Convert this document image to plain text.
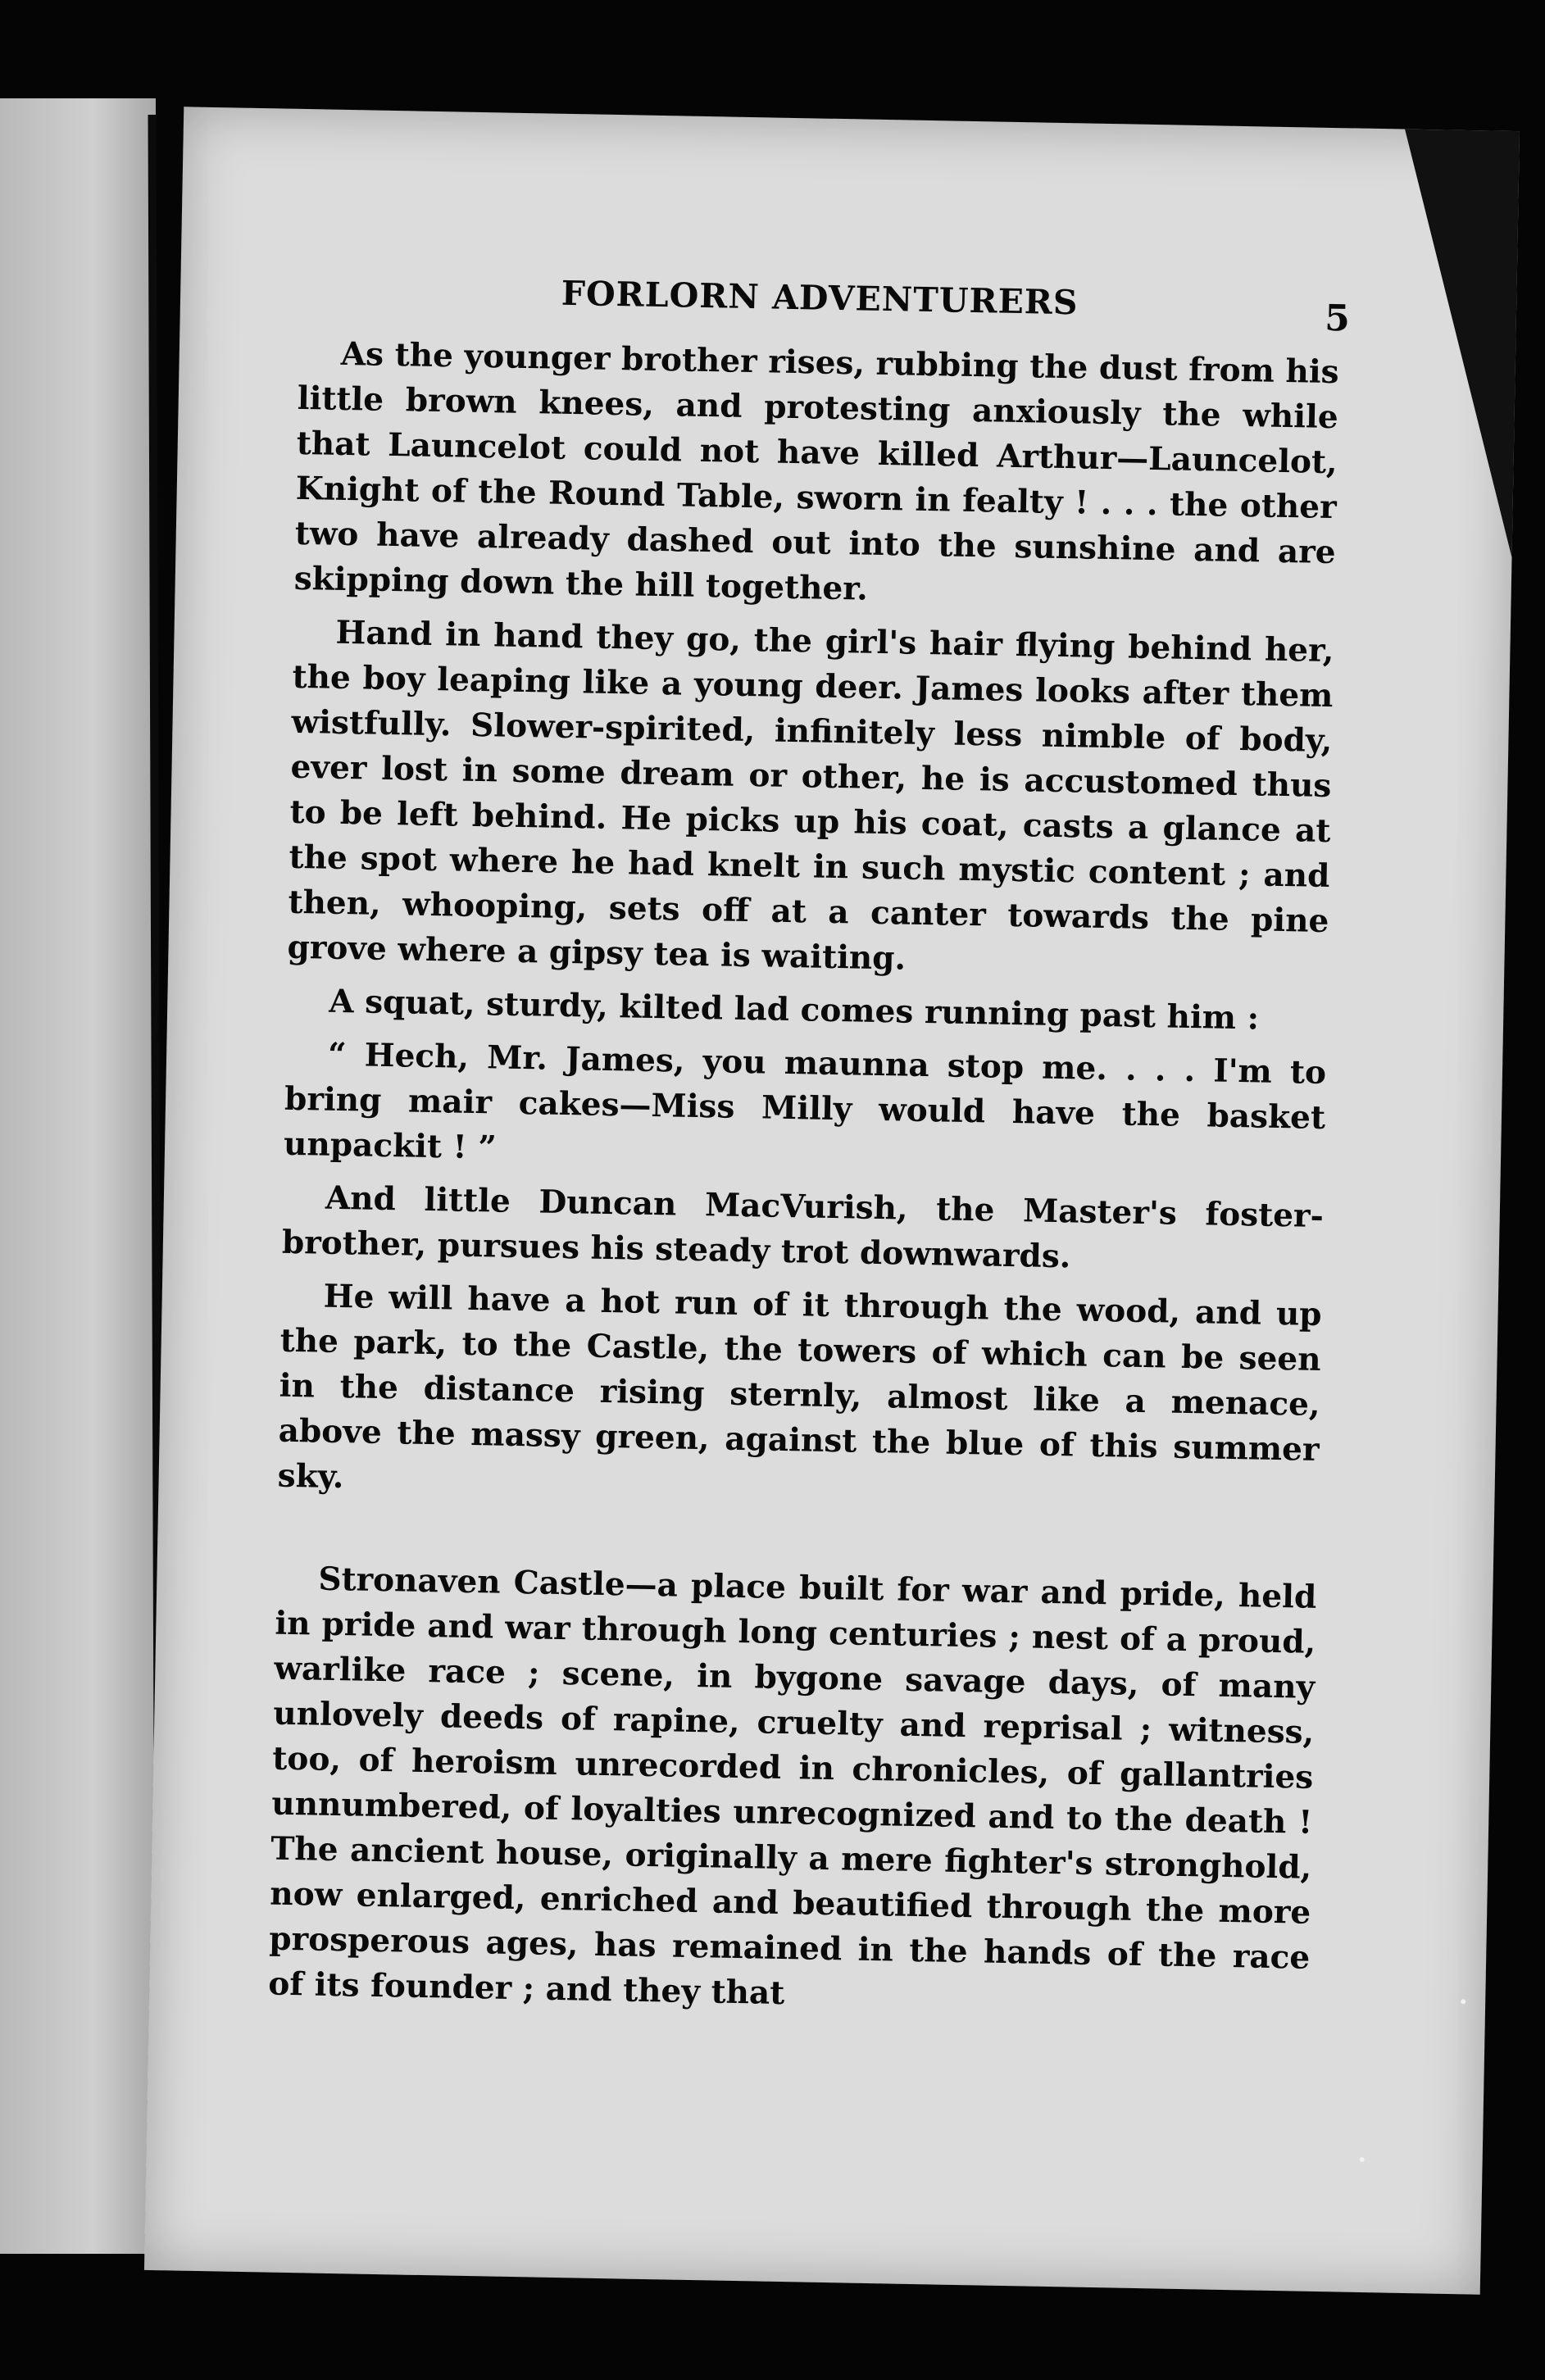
FORLORN ADVENTURERS	5

As the younger brother rises, rubbing the dust from his little brown knees, and protesting anxiously the while that Launcelot could not have killed Arthur—Launcelot, Knight of the Round Table, sworn in fealty ! . . . the other two have already dashed out into the sunshine and are skipping down the hill together.

Hand in hand they go, the girl's hair flying behind her, the boy leaping like a young deer. James looks after them wistfully. Slower-spirited, infinitely less nimble of body, ever lost in some dream or other, he is accustomed thus to be left behind. He picks up his coat, casts a glance at the spot where he had knelt in such mystic content ; and then, whooping, sets off at a canter towards the pine grove where a gipsy tea is waiting.

A squat, sturdy, kilted lad comes running past him :

“ Hech, Mr. James, you maunna stop me. . . . I'm to bring mair cakes—Miss Milly would have the basket unpackit ! ”

And little Duncan MacVurish, the Master's foster-brother, pursues his steady trot downwards.

He will have a hot run of it through the wood, and up the park, to the Castle, the towers of which can be seen in the distance rising sternly, almost like a menace, above the massy green, against the blue of this summer sky.

Stronaven Castle—a place built for war and pride, held in pride and war through long centuries ; nest of a proud, warlike race ; scene, in bygone savage days, of many unlovely deeds of rapine, cruelty and reprisal ; witness, too, of heroism unrecorded in chronicles, of gallantries unnumbered, of loyalties unrecognized and to the death ! The ancient house, originally a mere fighter's stronghold, now enlarged, enriched and beautified through the more prosperous ages, has remained in the hands of the race of its founder ; and they that
